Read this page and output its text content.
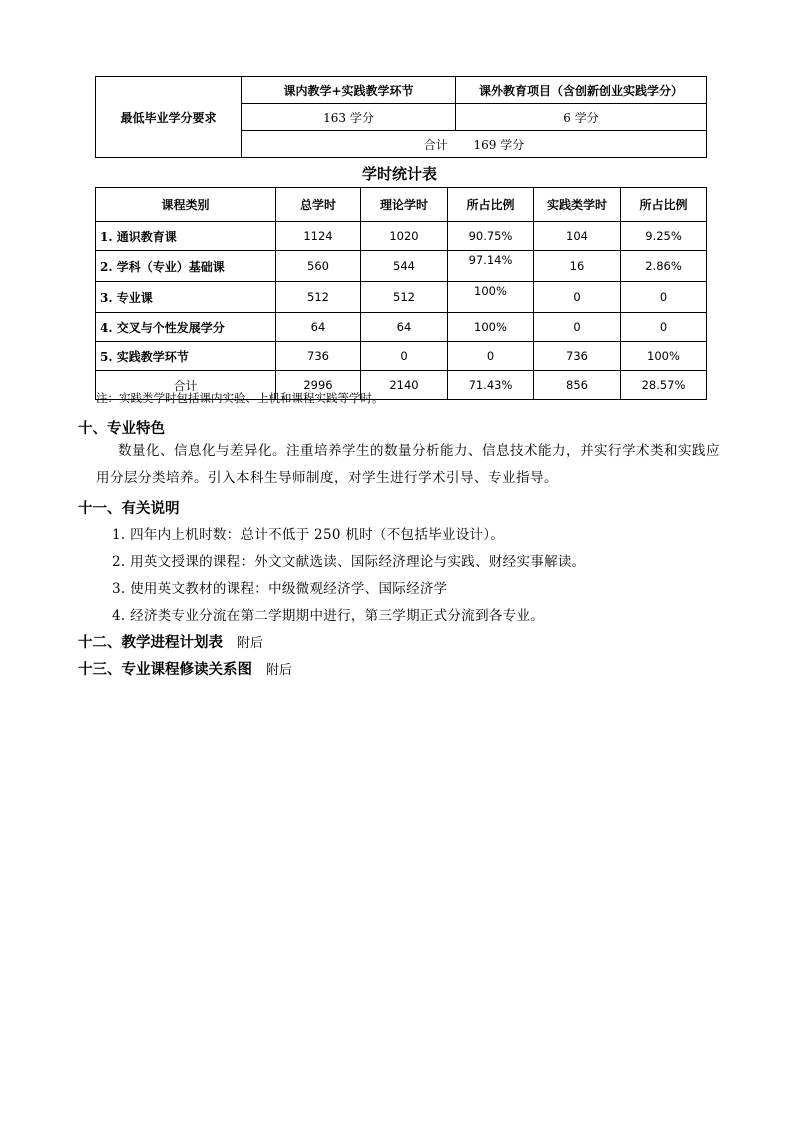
最低毕业学分要求	课内教学+实践教学环节	课外教育项目（含创新创业实践学分）
	163 学分	6 学分
	合计 169 学分	
学时统计表
课程类别	总学时	理论学时	所占比例	实践类学时	所占比例
1. 通识教育课	1124	1020	90.75%	104	9.25%
2. 学科（专业）基础课	560	544	97.14%	16	2.86%
3. 专业课	512	512	100%	0	0
4. 交叉与个性发展学分	64	64	100%	0	0
5. 实践教学环节	736	0	0	736	100%
合计	2996	2140	71.43%	856	28.57%
注：实践类学时包括课内实验、上机和课程实践等学时。
十、专业特色
数量化、信息化与差异化。注重培养学生的数量分析能力、信息技术能力，并实行学术类和实践应用分层分类培养。引入本科生导师制度，对学生进行学术引导、专业指导。
十一、有关说明
1. 四年内上机时数：总计不低于 250 机时（不包括毕业设计）。
2. 用英文授课的课程：外文文献选读、国际经济理论与实践、财经实事解读。
3. 使用英文教材的课程：中级微观经济学、国际经济学
4. 经济类专业分流在第二学期期中进行，第三学期正式分流到各专业。
十二、教学进程计划表 附后
十三、专业课程修读关系图 附后
